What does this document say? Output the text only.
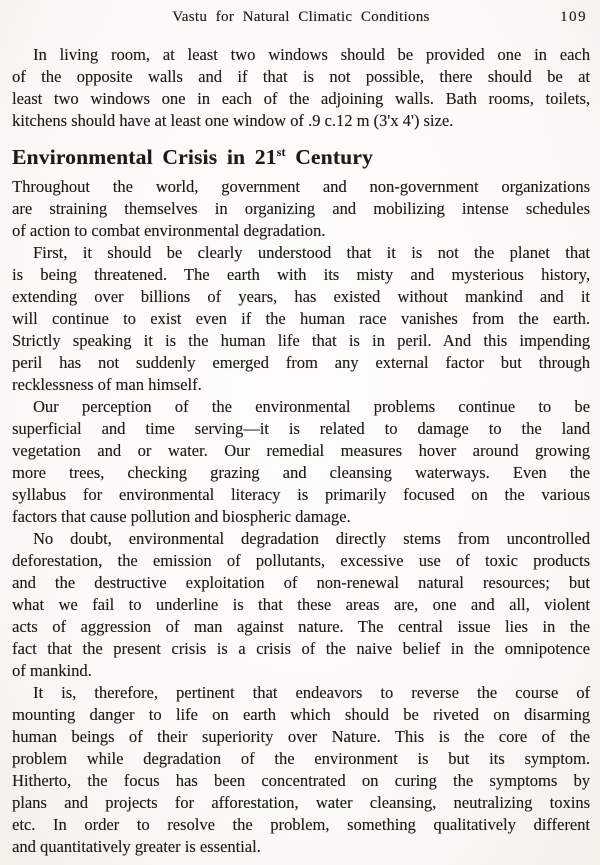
Vastu for Natural Climatic Conditions	109
In living room, at least two windows should be provided one in each
of the opposite walls and if that is not possible, there should be at
least two windows one in each of the adjoining walls. Bath rooms, toilets,
kitchens should have at least one window of .9 c.12 m (3'x 4') size.
Environmental Crisis in 21st Century
Throughout the world, government and non-government organizations
are straining themselves in organizing and mobilizing intense schedules
of action to combat environmental degradation.
First, it should be clearly understood that it is not the planet that
is being threatened. The earth with its misty and mysterious history,
extending over billions of years, has existed without mankind and it
will continue to exist even if the human race vanishes from the earth.
Strictly speaking it is the human life that is in peril. And this impending
peril has not suddenly emerged from any external factor but through
recklessness of man himself.
Our perception of the environmental problems continue to be
superficial and time serving—it is related to damage to the land
vegetation and or water. Our remedial measures hover around growing
more trees, checking grazing and cleansing waterways. Even the
syllabus for environmental literacy is primarily focused on the various
factors that cause pollution and biospheric damage.
No doubt, environmental degradation directly stems from uncontrolled
deforestation, the emission of pollutants, excessive use of toxic products
and the destructive exploitation of non-renewal natural resources; but
what we fail to underline is that these areas are, one and all, violent
acts of aggression of man against nature. The central issue lies in the
fact that the present crisis is a crisis of the naive belief in the omnipotence
of mankind.
It is, therefore, pertinent that endeavors to reverse the course of
mounting danger to life on earth which should be riveted on disarming
human beings of their superiority over Nature. This is the core of the
problem while degradation of the environment is but its symptom.
Hitherto, the focus has been concentrated on curing the symptoms by
plans and projects for afforestation, water cleansing, neutralizing toxins
etc. In order to resolve the problem, something qualitatively different
and quantitatively greater is essential.
